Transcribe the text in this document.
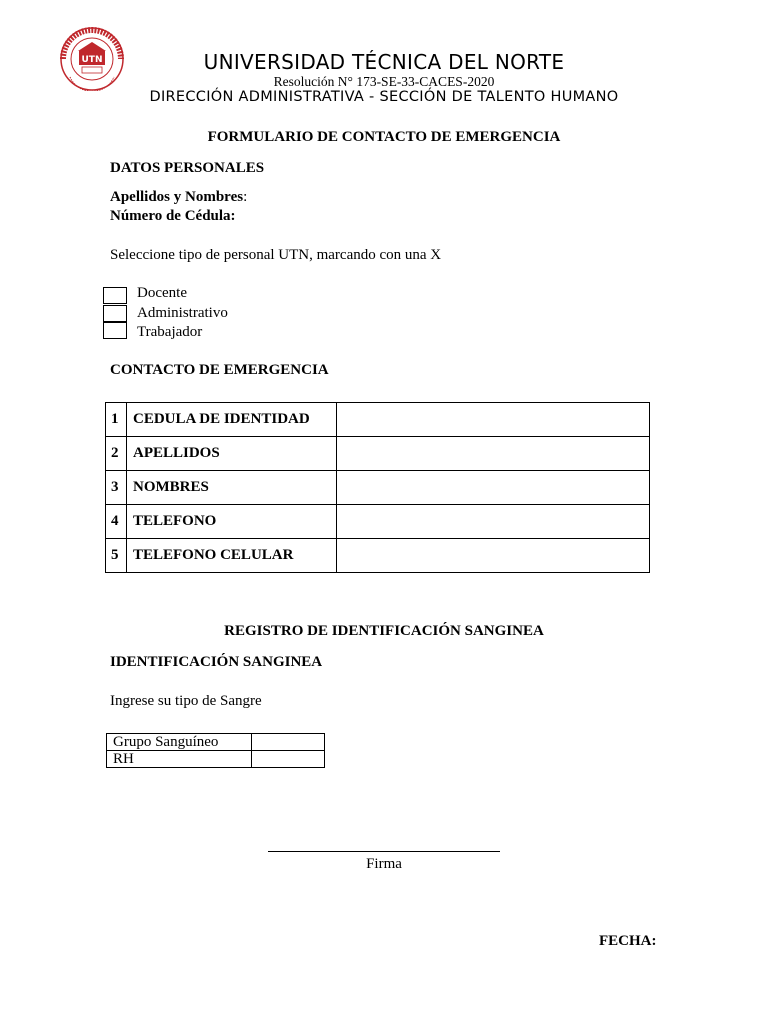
UTN	UNIVERSIDAD TÉCNICA DEL NORTE
Resolución N° 173-SE-33-CACES-2020
DIRECCIÓN ADMINISTRATIVA - SECCIÓN DE TALENTO HUMANO
FORMULARIO DE CONTACTO DE EMERGENCIA
DATOS PERSONALES
Apellidos y Nombres:
Número de Cédula:
Seleccione tipo de personal UTN, marcando con una X
Docente
Administrativo
Trabajador
CONTACTO DE EMERGENCIA
1	CEDULA DE IDENTIDAD	
2	APELLIDOS	
3	NOMBRES	
4	TELEFONO	
5	TELEFONO CELULAR	
REGISTRO DE IDENTIFICACIÓN SANGINEA
IDENTIFICACIÓN SANGINEA
Ingrese su tipo de Sangre
Grupo Sanguíneo	
RH	
Firma
FECHA:
